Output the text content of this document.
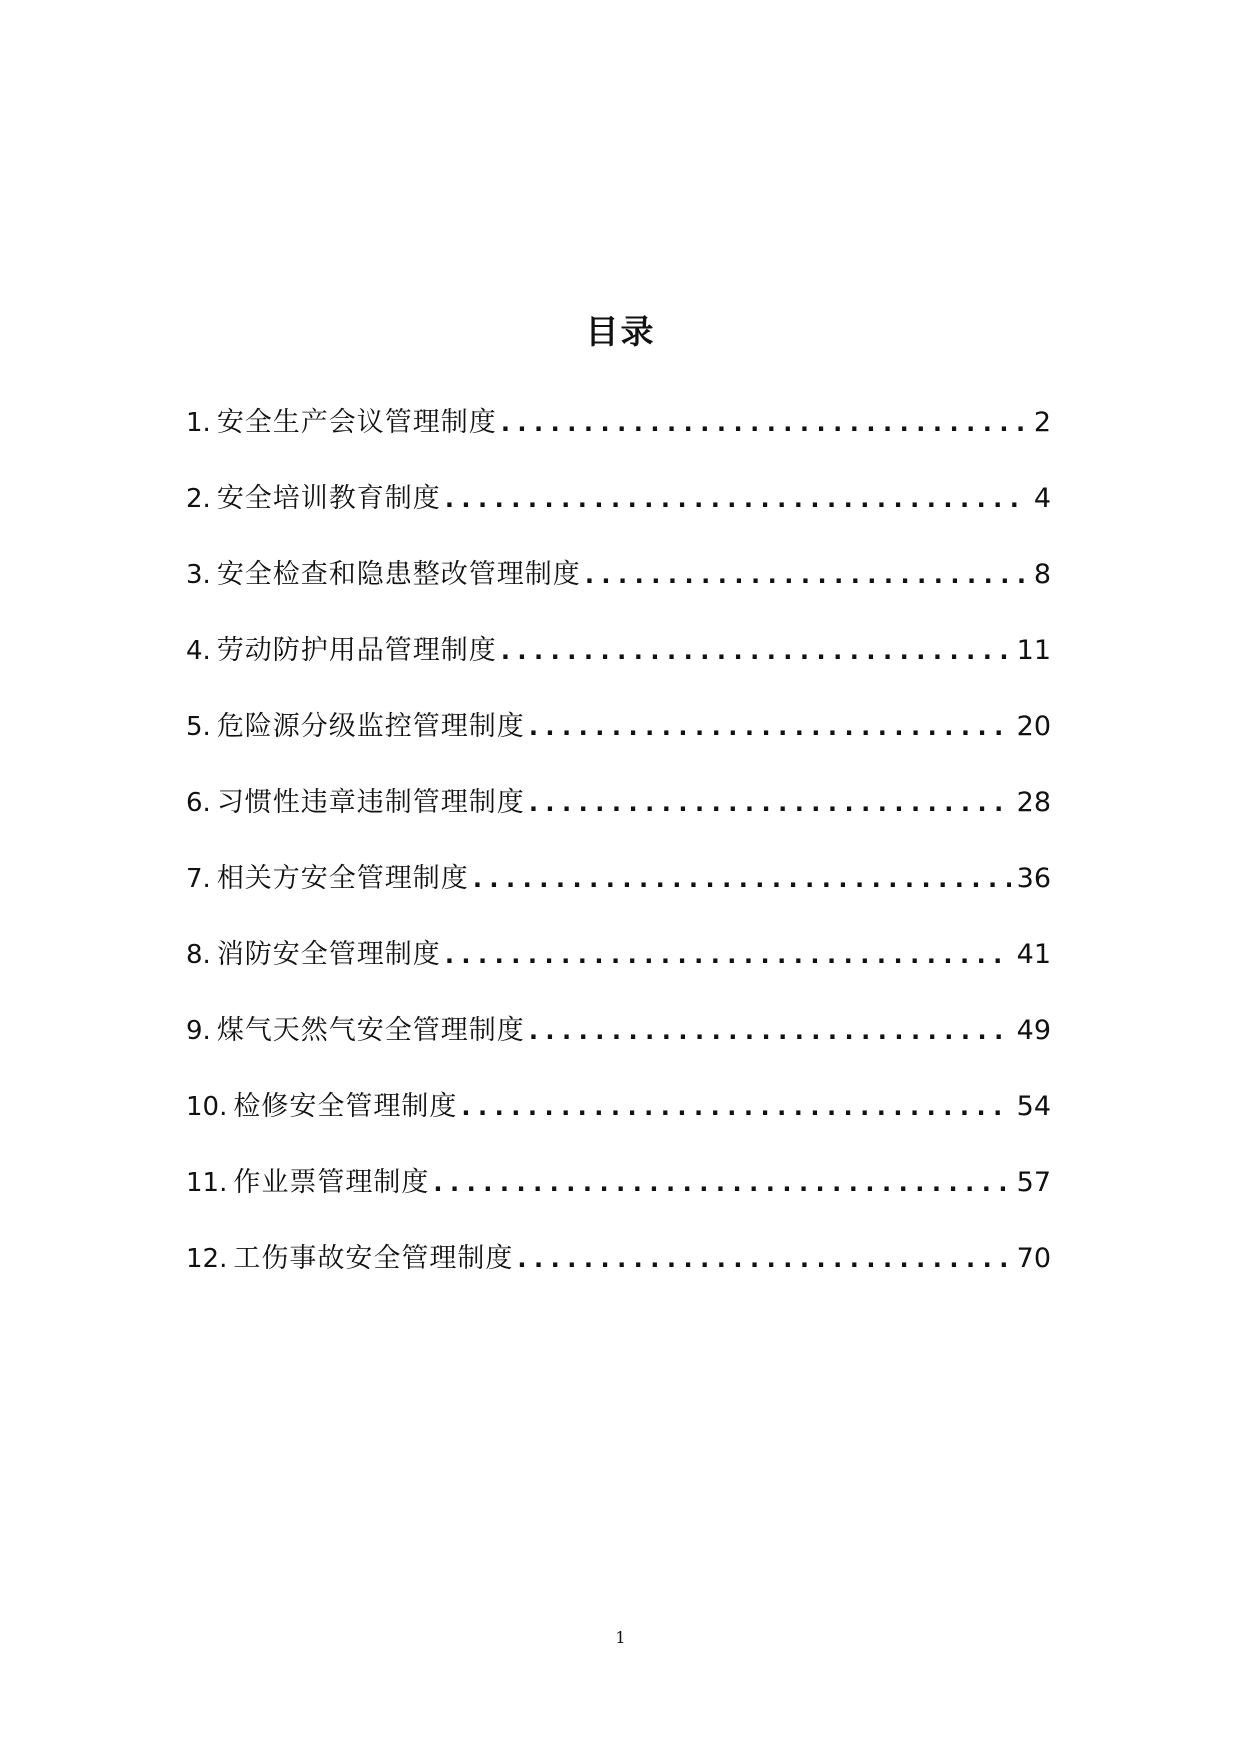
目录
1. 安全生产会议管理制度 .....	2
2. 安全培训教育制度 .....	4
3. 安全检查和隐患整改管理制度 .....	8
4. 劳动防护用品管理制度 .....	11
5. 危险源分级监控管理制度 .....	20
6. 习惯性违章违制管理制度 .....	28
7. 相关方安全管理制度 .....	36
8. 消防安全管理制度 .....	41
9. 煤气天然气安全管理制度 .....	49
10. 检修安全管理制度 .....	54
11. 作业票管理制度 .....	57
12. 工伤事故安全管理制度 .....	70
1
